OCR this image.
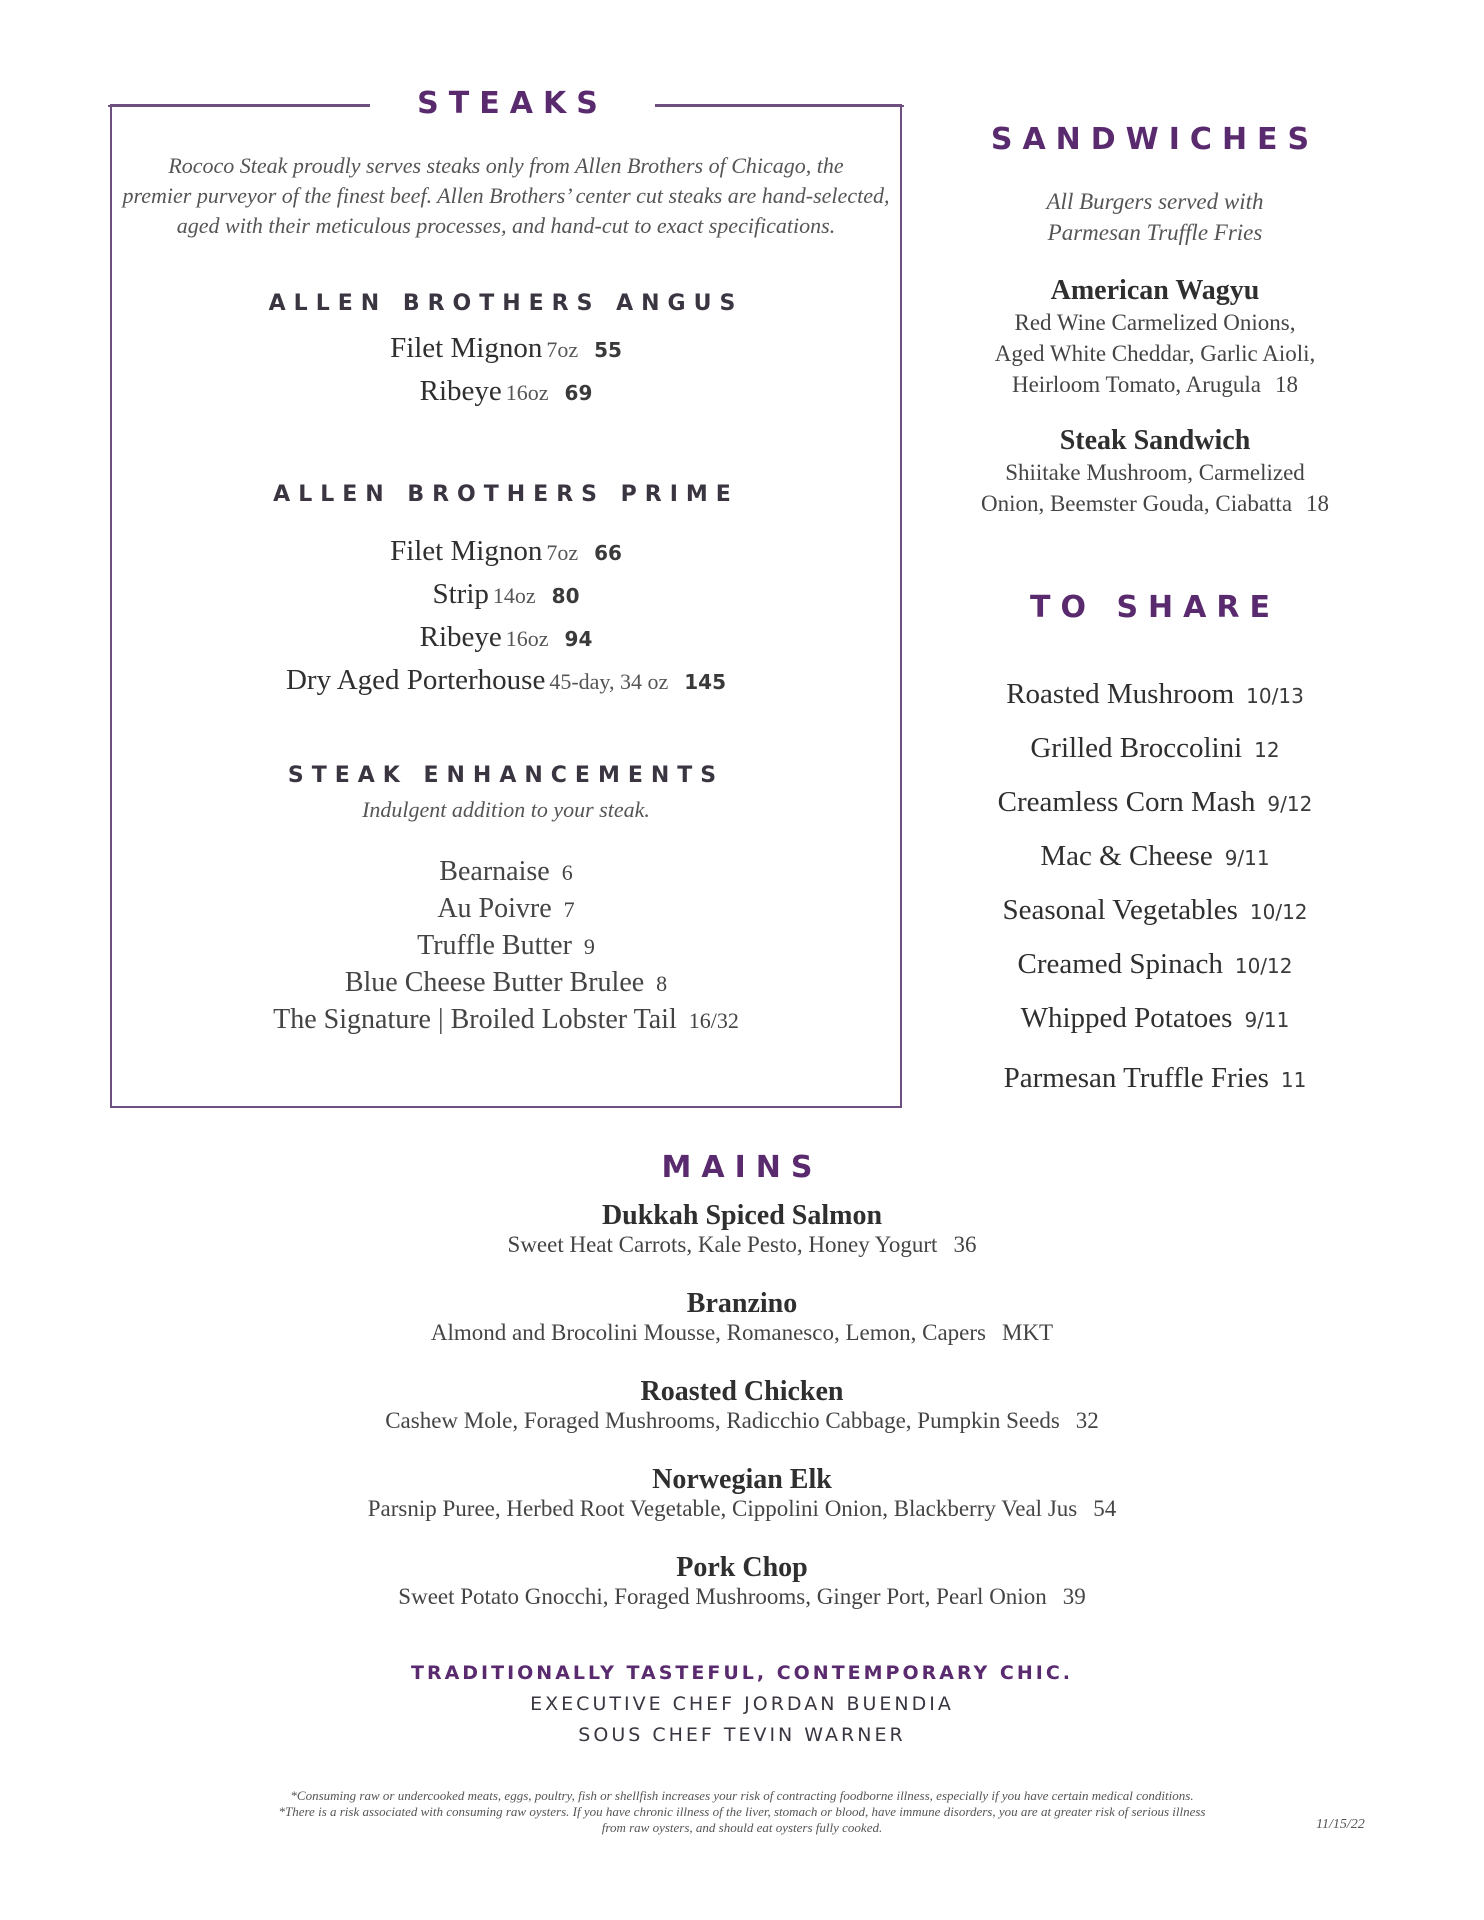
STEAKS
Rococo Steak proudly serves steaks only from Allen Brothers of Chicago, the
premier purveyor of the finest beef. Allen Brothers’ center cut steaks are hand-selected,
aged with their meticulous processes, and hand-cut to exact specifications.
ALLEN BROTHERS ANGUS
Filet Mignon 7oz 55
Ribeye 16oz 69
ALLEN BROTHERS PRIME
Filet Mignon 7oz 66
Strip 14oz 80
Ribeye 16oz 94
Dry Aged Porterhouse 45-day, 34 oz 145
STEAK ENHANCEMENTS
Indulgent addition to your steak.
Bearnaise 6
Au Poivre 7
Truffle Butter 9
Blue Cheese Butter Brulee 8
The Signature | Broiled Lobster Tail 16/32
SANDWICHES
All Burgers served with
Parmesan Truffle Fries
American Wagyu
Red Wine Carmelized Onions,
Aged White Cheddar, Garlic Aioli,
Heirloom Tomato, Arugula 18
Steak Sandwich
Shiitake Mushroom, Carmelized
Onion, Beemster Gouda, Ciabatta 18
TO SHARE
Roasted Mushroom 10/13
Grilled Broccolini 12
Creamless Corn Mash 9/12
Mac & Cheese 9/11
Seasonal Vegetables 10/12
Creamed Spinach 10/12
Whipped Potatoes 9/11
Parmesan Truffle Fries 11
MAINS
Dukkah Spiced Salmon
Sweet Heat Carrots, Kale Pesto, Honey Yogurt 36
Branzino
Almond and Brocolini Mousse, Romanesco, Lemon, Capers MKT
Roasted Chicken
Cashew Mole, Foraged Mushrooms, Radicchio Cabbage, Pumpkin Seeds 32
Norwegian Elk
Parsnip Puree, Herbed Root Vegetable, Cippolini Onion, Blackberry Veal Jus 54
Pork Chop
Sweet Potato Gnocchi, Foraged Mushrooms, Ginger Port, Pearl Onion 39
TRADITIONALLY TASTEFUL, CONTEMPORARY CHIC.
EXECUTIVE CHEF JORDAN BUENDIA
SOUS CHEF TEVIN WARNER
*Consuming raw or undercooked meats, eggs, poultry, fish or shellfish increases your risk of contracting foodborne illness, especially if you have certain medical conditions.
*There is a risk associated with consuming raw oysters. If you have chronic illness of the liver, stomach or blood, have immune disorders, you are at greater risk of serious illness
from raw oysters, and should eat oysters fully cooked.	11/15/22
